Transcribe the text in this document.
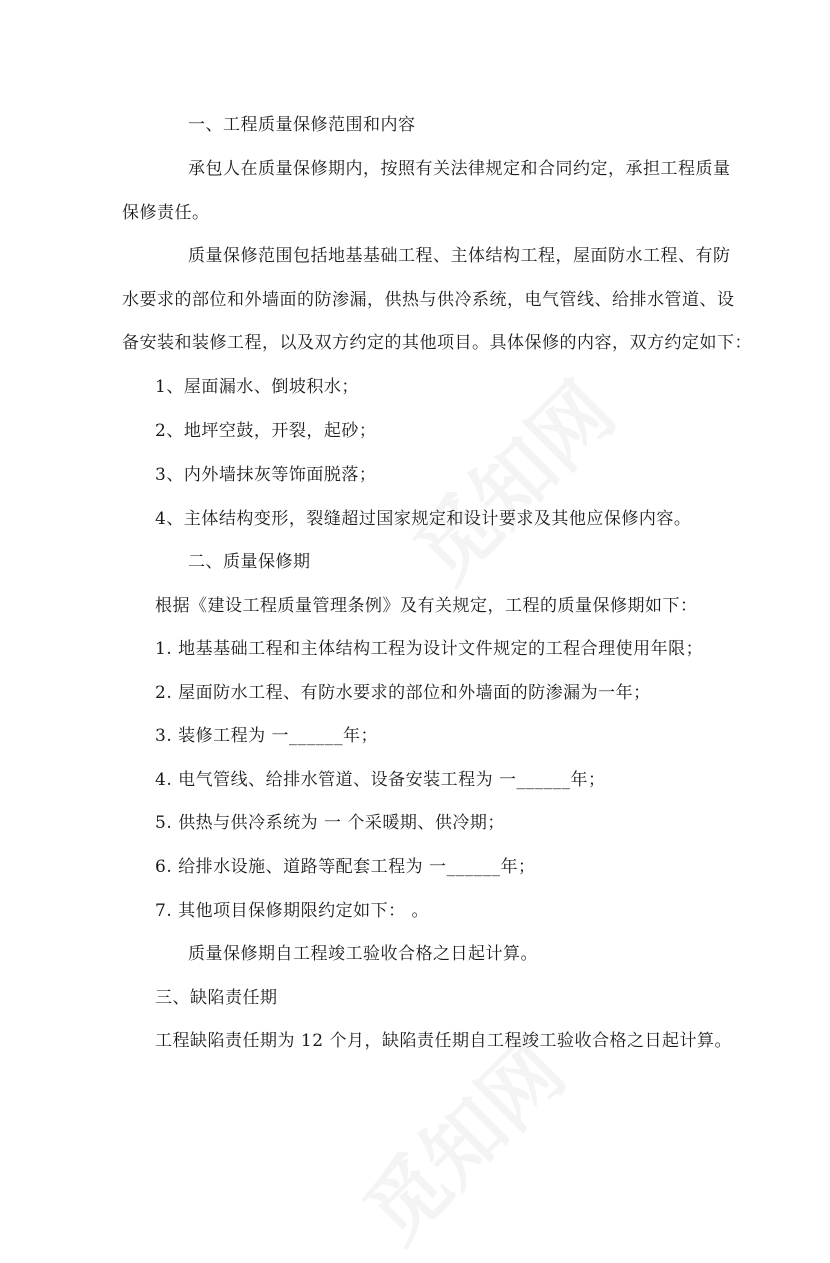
一、工程质量保修范围和内容

承包人在质量保修期内，按照有关法律规定和合同约定，承担工程质量

保修责任。

质量保修范围包括地基基础工程、主体结构工程，屋面防水工程、有防

水要求的部位和外墙面的防渗漏，供热与供冷系统，电气管线、给排水管道、设

备安装和装修工程，以及双方约定的其他项目。具体保修的内容，双方约定如下：

1、屋面漏水、倒坡积水；

2、地坪空鼓，开裂，起砂；

3、内外墙抹灰等饰面脱落；

4、主体结构变形，裂缝超过国家规定和设计要求及其他应保修内容。

二、质量保修期

根据《建设工程质量管理条例》及有关规定，工程的质量保修期如下：

1. 地基基础工程和主体结构工程为设计文件规定的工程合理使用年限；

2. 屋面防水工程、有防水要求的部位和外墙面的防渗漏为一年；

3. 装修工程为 一______年；

4. 电气管线、给排水管道、设备安装工程为 一______年；

5. 供热与供冷系统为 一 个采暖期、供冷期；

6. 给排水设施、道路等配套工程为 一______年；

7. 其他项目保修期限约定如下： 。

质量保修期自工程竣工验收合格之日起计算。

三、缺陷责任期

工程缺陷责任期为 12 个月，缺陷责任期自工程竣工验收合格之日起计算。
